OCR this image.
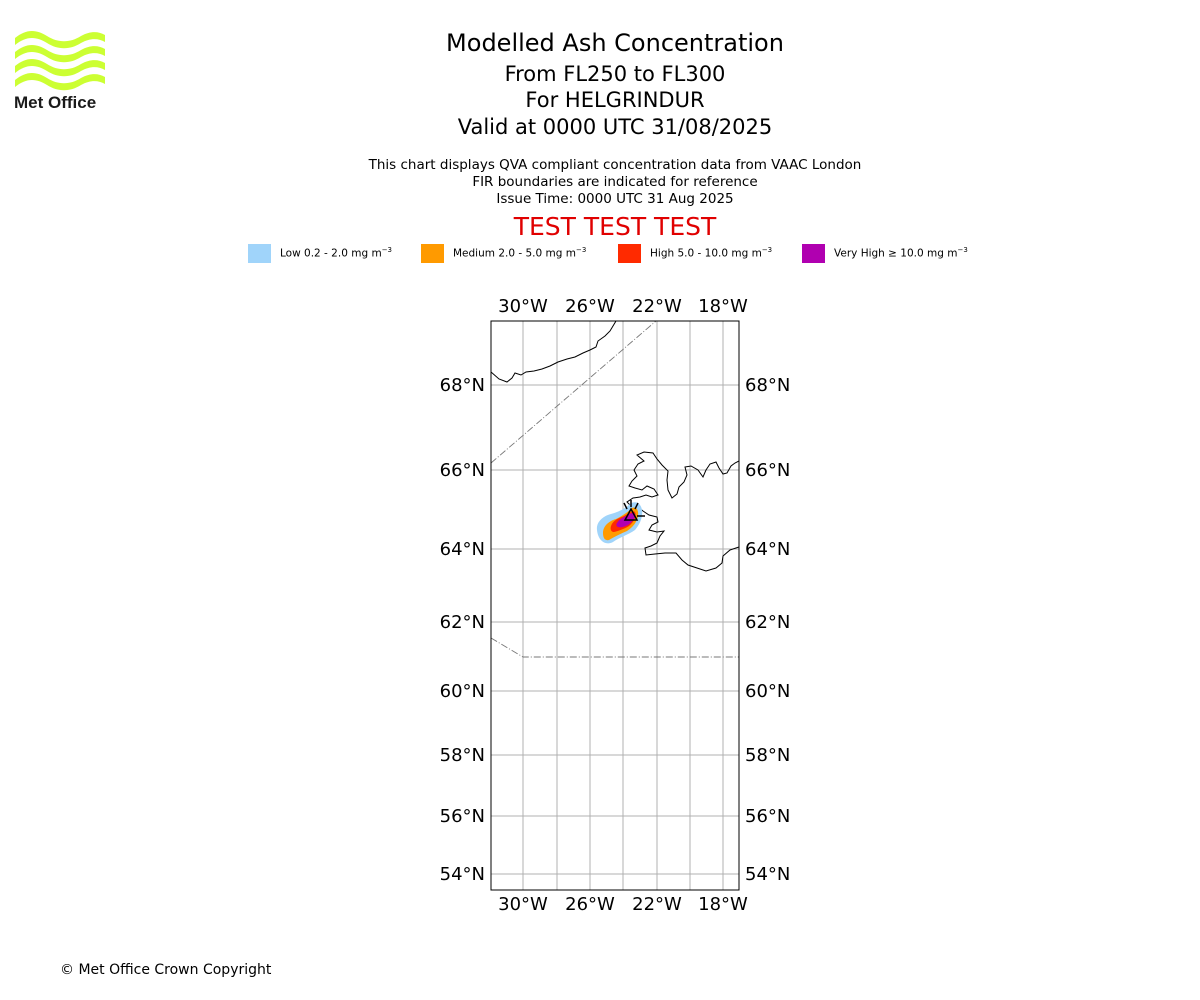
Met Office
Modelled Ash Concentration
From FL250 to FL300
For HELGRINDUR
Valid at 0000 UTC 31/08/2025
This chart displays QVA compliant concentration data from VAAC London
FIR boundaries are indicated for reference
Issue Time: 0000 UTC 31 Aug 2025
TEST TEST TEST
Low 0.2 - 2.0 mg $m^{-3}$	Medium 2.0 - 5.0 mg $m^{-3}$	High 5.0 - 10.0 mg $m^{-3}$	Very High ≥ 10.0 mg $m^{-3}$
30°W 26°W 22°W 18°W
30°W 26°W 22°W 18°W
68°N
66°N
64°N
62°N
60°N
58°N
56°N
54°N
68°N
66°N
64°N
62°N
60°N
58°N
56°N
54°N
© Met Office Crown Copyright
